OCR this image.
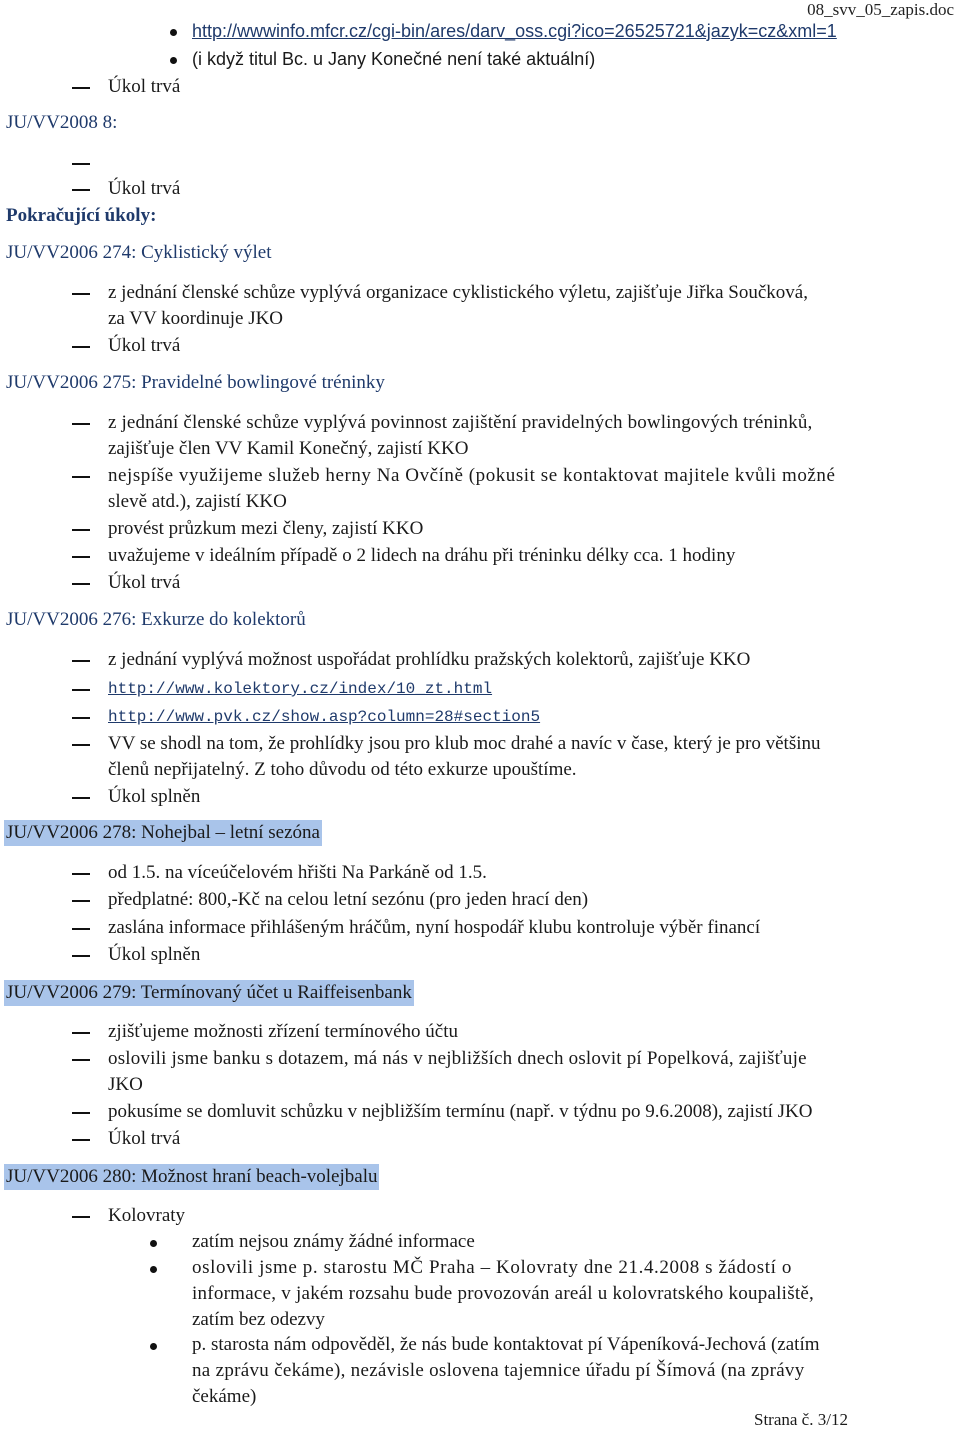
08_svv_05_zapis.doc
http://wwwinfo.mfcr.cz/cgi-bin/ares/darv_oss.cgi?ico=26525721&jazyk=cz&xml=1
(i když titul Bc. u Jany Konečné není také aktuální)
Úkol trvá
JU/VV2008 8:
Úkol trvá
Pokračující úkoly:
JU/VV2006 274: Cyklistický výlet
z jednání členské schůze vyplývá organizace cyklistického výletu, zajišťuje Jiřka Součková,
za VV koordinuje JKO
Úkol trvá
JU/VV2006 275: Pravidelné bowlingové tréninky
z jednání členské schůze vyplývá povinnost zajištění pravidelných bowlingových tréninků,
zajišťuje člen VV Kamil Konečný, zajistí KKO
nejspíše využijeme služeb herny Na Ovčíně (pokusit se kontaktovat majitele kvůli možné
slevě atd.), zajistí KKO
provést průzkum mezi členy, zajistí KKO
uvažujeme v ideálním případě o 2 lidech na dráhu při tréninku délky cca. 1 hodiny
Úkol trvá
JU/VV2006 276: Exkurze do kolektorů
z jednání vyplývá možnost uspořádat prohlídku pražských kolektorů, zajišťuje KKO
http://www.kolektory.cz/index/10_zt.html
http://www.pvk.cz/show.asp?column=28#section5
VV se shodl na tom, že prohlídky jsou pro klub moc drahé a navíc v čase, který je pro většinu
členů nepřijatelný. Z toho důvodu od této exkurze upouštíme.
Úkol splněn
JU/VV2006 278: Nohejbal – letní sezóna
od 1.5. na víceúčelovém hřišti Na Parkáně od 1.5.
předplatné: 800,-Kč na celou letní sezónu (pro jeden hrací den)
zaslána informace přihlášeným hráčům, nyní hospodář klubu kontroluje výběr financí
Úkol splněn
JU/VV2006 279: Termínovaný účet u Raiffeisenbank
zjišťujeme možnosti zřízení termínového účtu
oslovili jsme banku s dotazem, má nás v nejbližších dnech oslovit pí Popelková, zajišťuje
JKO
pokusíme se domluvit schůzku v nejbližším termínu (např. v týdnu po 9.6.2008), zajistí JKO
Úkol trvá
JU/VV2006 280: Možnost hraní beach-volejbalu
Kolovraty
zatím nejsou známy žádné informace
oslovili jsme p. starostu MČ Praha – Kolovraty dne 21.4.2008 s žádostí o
informace, v jakém rozsahu bude provozován areál u kolovratského koupaliště,
zatím bez odezvy
p. starosta nám odpověděl, že nás bude kontaktovat pí Vápeníková-Jechová (zatím
na zprávu čekáme), nezávisle oslovena tajemnice úřadu pí Šímová (na zprávy
čekáme)
Strana č. 3/12
